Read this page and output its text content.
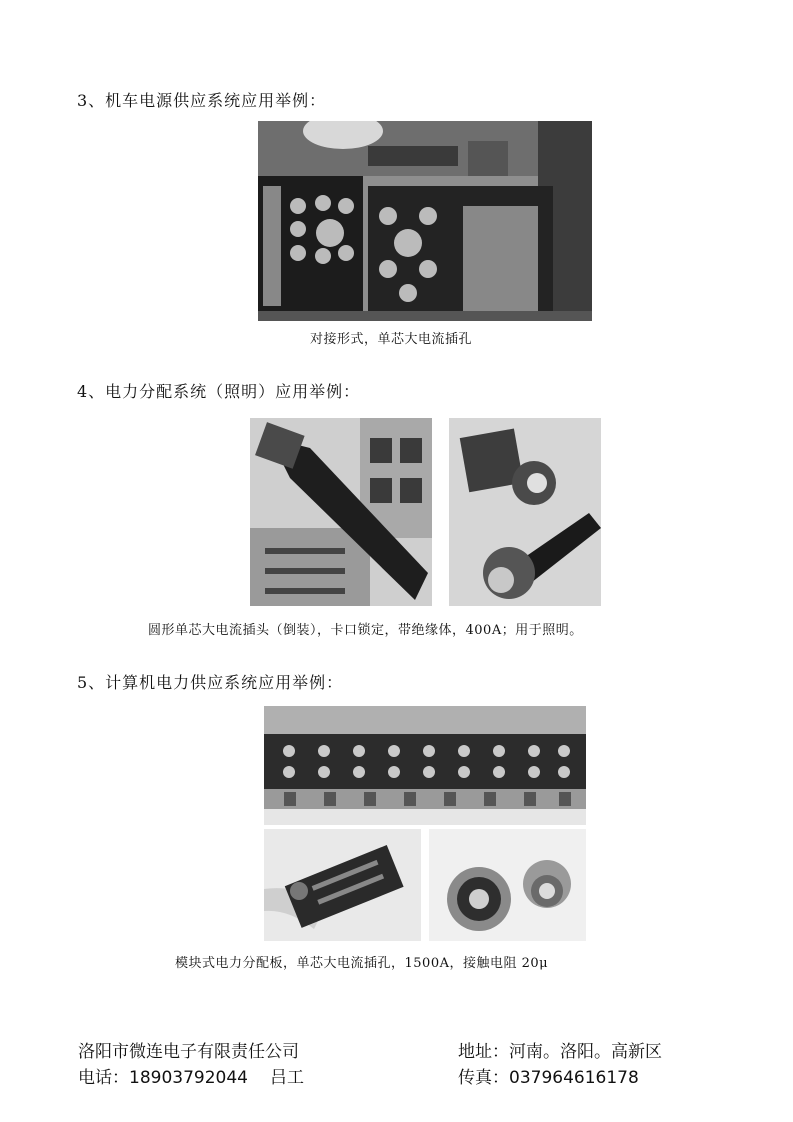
3、机车电源供应系统应用举例：
对接形式，单芯大电流插孔
4、电力分配系统（照明）应用举例：
圆形单芯大电流插头（倒装），卡口锁定，带绝缘体，400A；用于照明。
5、计算机电力供应系统应用举例：
模块式电力分配板，单芯大电流插孔，1500A，接触电阻 20μ
洛阳市微连电子有限责任公司	地址：河南。洛阳。高新区
电话：18903792044 吕工	传真：037964616178
